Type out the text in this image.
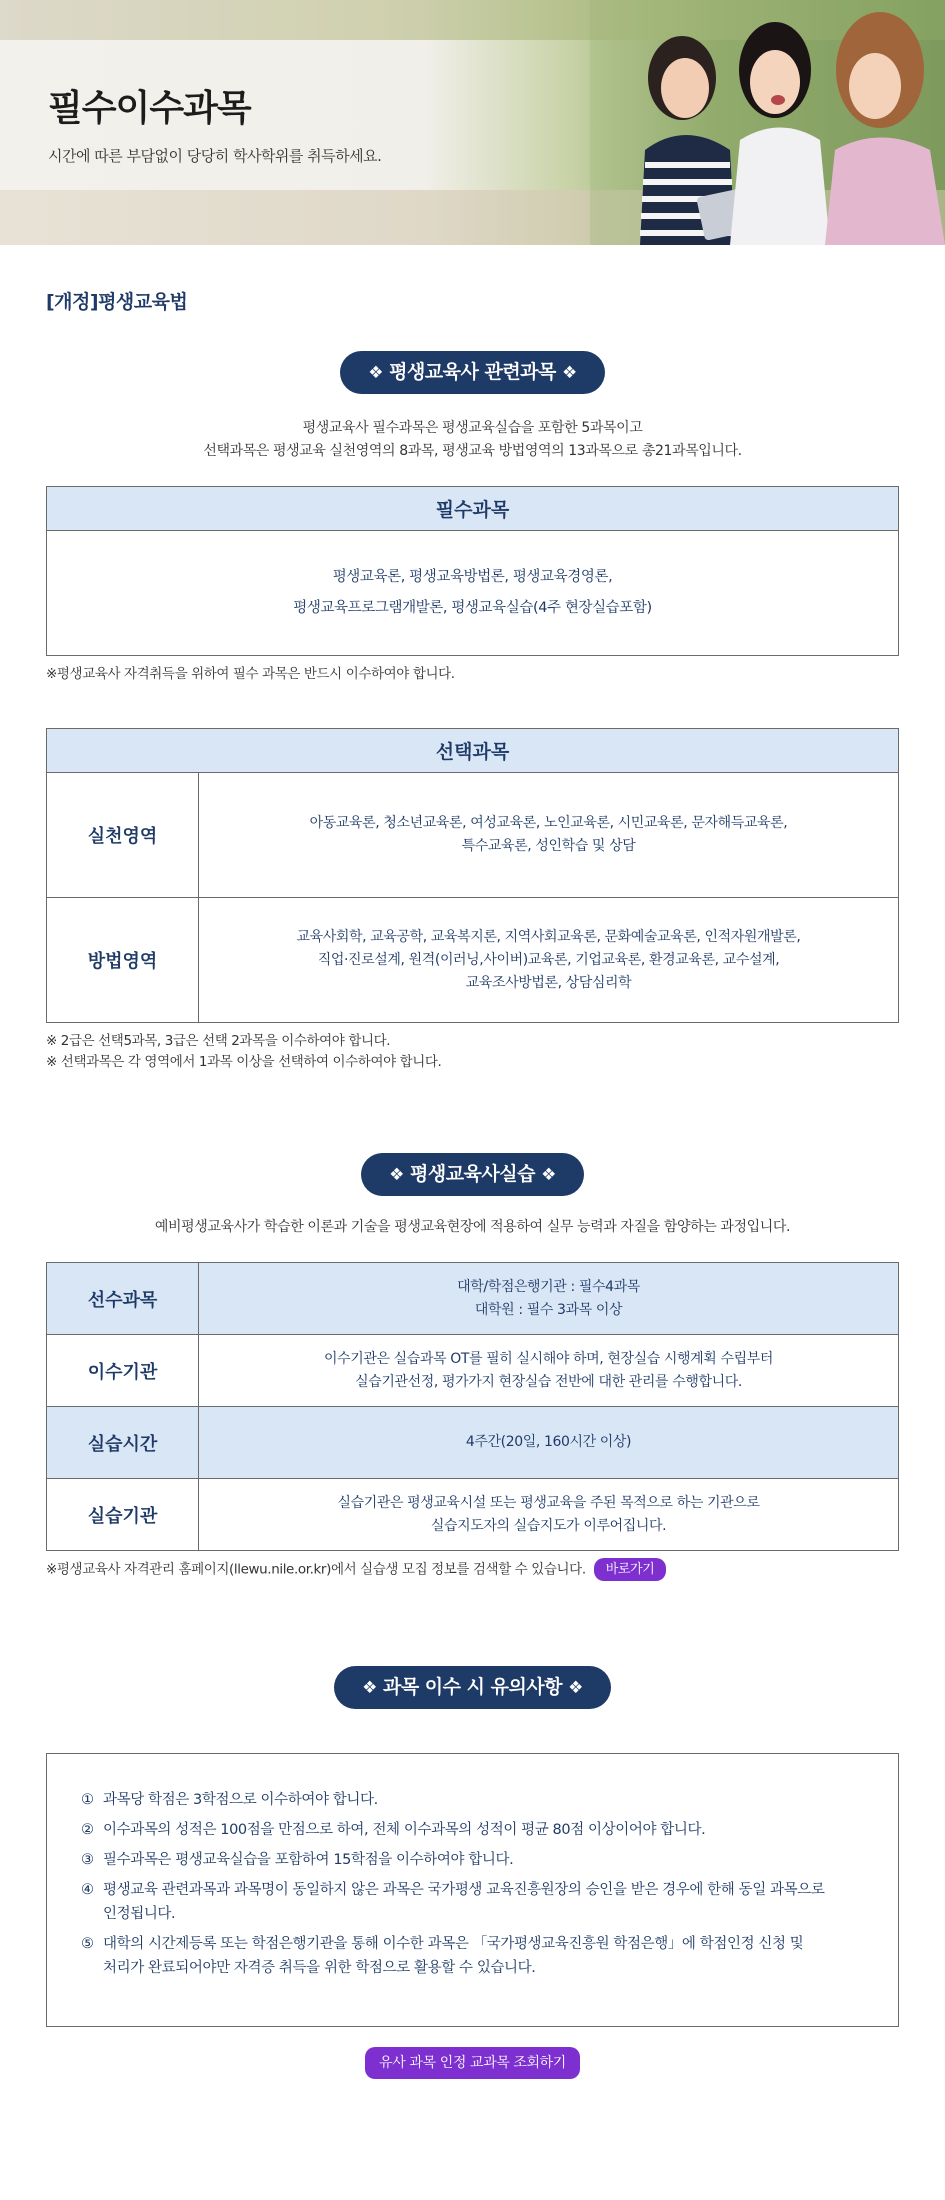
필수이수과목
시간에 따른 부담없이 당당히 학사학위를 취득하세요.
[개정]평생교육법
❖ 평생교육사 관련과목 ❖
평생교육사 필수과목은 평생교육실습을 포함한 5과목이고
선택과목은 평생교육 실천영역의 8과목, 평생교육 방법영역의 13과목으로 총21과목입니다.
필수과목

평생교육론, 평생교육방법론, 평생교육경영론,
평생교육프로그램개발론, 평생교육실습(4주 현장실습포함)
※평생교육사 자격취득을 위하여 필수 과목은 반드시 이수하여야 합니다.
선택과목	
실천영역	아동교육론, 청소년교육론, 여성교육론, 노인교육론, 시민교육론, 문자해득교육론,
특수교육론, 성인학습 및 상담

방법영역	교육사회학, 교육공학, 교육복지론, 지역사회교육론, 문화예술교육론, 인적자원개발론,
직업·진로설계, 원격(이러닝,사이버)교육론, 기업교육론, 환경교육론, 교수설계,
교육조사방법론, 상담심리학
※ 2급은 선택5과목, 3급은 선택 2과목을 이수하여야 합니다.
※ 선택과목은 각 영역에서 1과목 이상을 선택하여 이수하여야 합니다.
❖ 평생교육사실습 ❖
예비평생교육사가 학습한 이론과 기술을 평생교육현장에 적용하여 실무 능력과 자질을 함양하는 과정입니다.
선수과목	대학/학점은행기관 : 필수4과목
대학원 : 필수 3과목 이상

이수기관	이수기관은 실습과목 OT를 필히 실시해야 하며, 현장실습 시행계획 수립부터
실습기관선정, 평가가지 현장실습 전반에 대한 관리를 수행합니다.

실습시간	4주간(20일, 160시간 이상)

실습기관	실습기관은 평생교육시설 또는 평생교육을 주된 목적으로 하는 기관으로
실습지도자의 실습지도가 이루어집니다.
※평생교육사 자격관리 홈페이지(llewu.nile.or.kr)에서 실습생 모집 정보를 검색할 수 있습니다. 바로가기
❖ 과목 이수 시 유의사항 ❖
① 과목당 학점은 3학점으로 이수하여야 합니다.
② 이수과목의 성적은 100점을 만점으로 하여, 전체 이수과목의 성적이 평균 80점 이상이어야 합니다.
③ 필수과목은 평생교육실습을 포함하여 15학점을 이수하여야 합니다.
④ 평생교육 관련과목과 과목명이 동일하지 않은 과목은 국가평생 교육진흥원장의 승인을 받은 경우에 한해 동일 과목으로
인정됩니다.
⑤ 대학의 시간제등록 또는 학점은행기관을 통해 이수한 과목은 「국가평생교육진흥원 학점은행」에 학점인정 신청 및
처리가 완료되어야만 자격증 취득을 위한 학점으로 활용할 수 있습니다.
유사 과목 인정 교과목 조회하기
